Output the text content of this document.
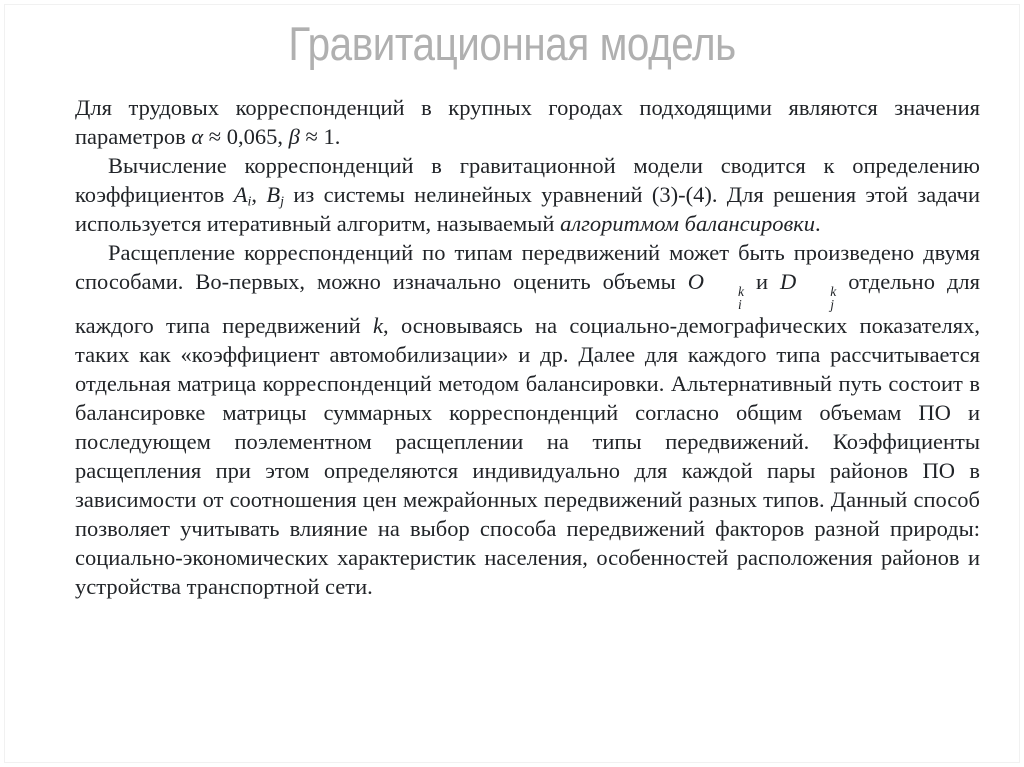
Гравитационная модель

Для трудовых корреспонденций в крупных городах подходящими являются значения параметров α ≈ 0,065, β ≈ 1.

Вычисление корреспонденций в гравитационной модели сводится к определению коэффициентов $A_i$, $B_j$ из системы нелинейных уравнений (3)-(4). Для решения этой задачи используется итеративный алгоритм, называемый алгоритмом балансировки.

Расщепление корреспонденций по типам передвижений может быть произведено двумя способами. Во-первых, можно изначально оценить объемы O	k
i
и D	k
j
отдельно для каждого типа передвижений k, основываясь на социально-демографических показателях, таких как «коэффициент автомобилизации» и др. Далее для каждого типа рассчитывается отдельная матрица корреспонденций методом балансировки. Альтернативный путь состоит в балансировке матрицы суммарных корреспонденций согласно общим объемам ПО и последующем поэлементном расщеплении на типы передвижений. Коэффициенты расщепления при этом определяются индивидуально для каждой пары районов ПО в зависимости от соотношения цен межрайонных передвижений разных типов. Данный способ позволяет учитывать влияние на выбор способа передвижений факторов разной природы: социально-экономических характеристик населения, особенностей расположения районов и устройства транспортной сети.
